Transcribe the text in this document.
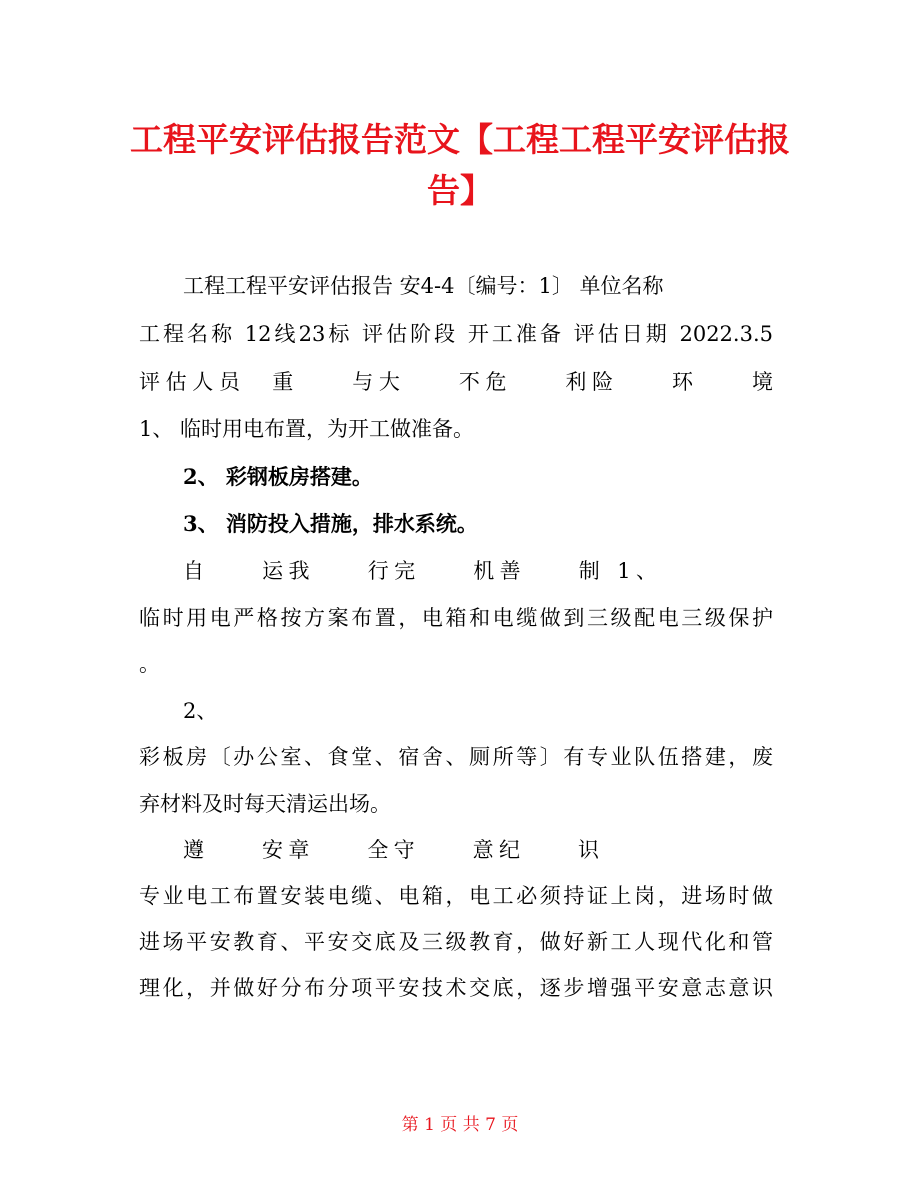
工程平安评估报告范文【工程工程平安评估报
告】
工程工程平安评估报告 安4-4〔编号：1〕 单位名称
工程名称 12线23标 评估阶段 开工准备 评估日期 2022.3.5
评估人员　重　　与大　　不危　　利险　　环　　境
1、 临时用电布置，为开工做准备。
2、 彩钢板房搭建。
3、 消防投入措施，排水系统。
自　　运我　　行完　　机善　　制 1、
临时用电严格按方案布置，电箱和电缆做到三级配电三级保护
。
2、
彩板房〔办公室、食堂、宿舍、厕所等〕有专业队伍搭建，废
弃材料及时每天清运出场。
遵　　安章　　全守　　意纪　　识
专业电工布置安装电缆、电箱，电工必须持证上岗，进场时做
进场平安教育、平安交底及三级教育，做好新工人现代化和管
理化，并做好分布分项平安技术交底，逐步增强平安意志意识
第 1 页 共 7 页
